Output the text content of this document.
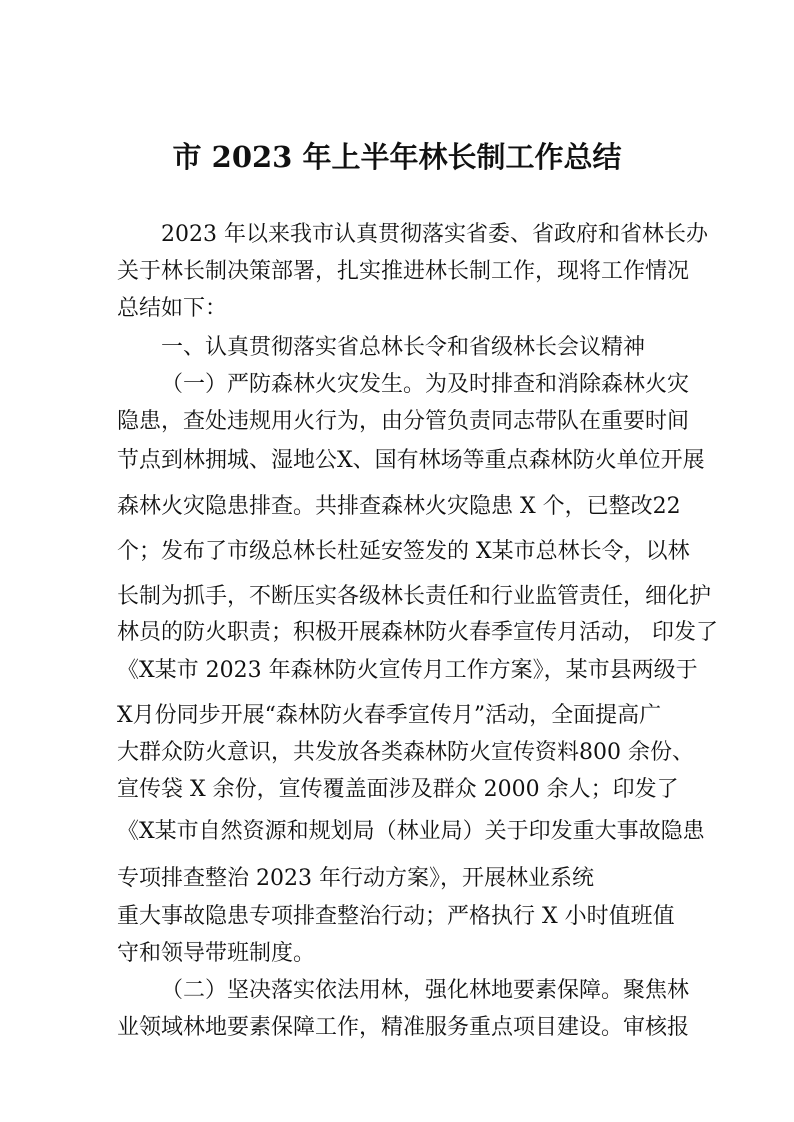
市 2023 年上半年林长制工作总结
2023 年以来我市认真贯彻落实省委、省政府和省林长办
关于林长制决策部署，扎实推进林长制工作，现将工作情况
总结如下：
一、认真贯彻落实省总林长令和省级林长会议精神
（一）严防森林火灾发生。为及时排查和消除森林火灾
隐患，查处违规用火行为，由分管负责同志带队在重要时间
节点到林拥城、湿地公X、国有林场等重点森林防火单位开展
森林火灾隐患排查。共排查森林火灾隐患 X 个，已整改22
个；发布了市级总林长杜延安签发的 X某市总林长令，以林
长制为抓手，不断压实各级林长责任和行业监管责任，细化护
林员的防火职责；积极开展森林防火春季宣传月活动， 印发了
《X某市 2023 年森林防火宣传月工作方案》，某市县两级于
X月份同步开展“森林防火春季宣传月”活动，全面提高广
大群众防火意识，共发放各类森林防火宣传资料800 余份、
宣传袋 X 余份，宣传覆盖面涉及群众 2000 余人；印发了
《X某市自然资源和规划局（林业局）关于印发重大事故隐患
专项排查整治 2023 年行动方案》，开展林业系统
重大事故隐患专项排查整治行动；严格执行 X 小时值班值
守和领导带班制度。
（二）坚决落实依法用林，强化林地要素保障。聚焦林
业领域林地要素保障工作，精准服务重点项目建设。审核报
